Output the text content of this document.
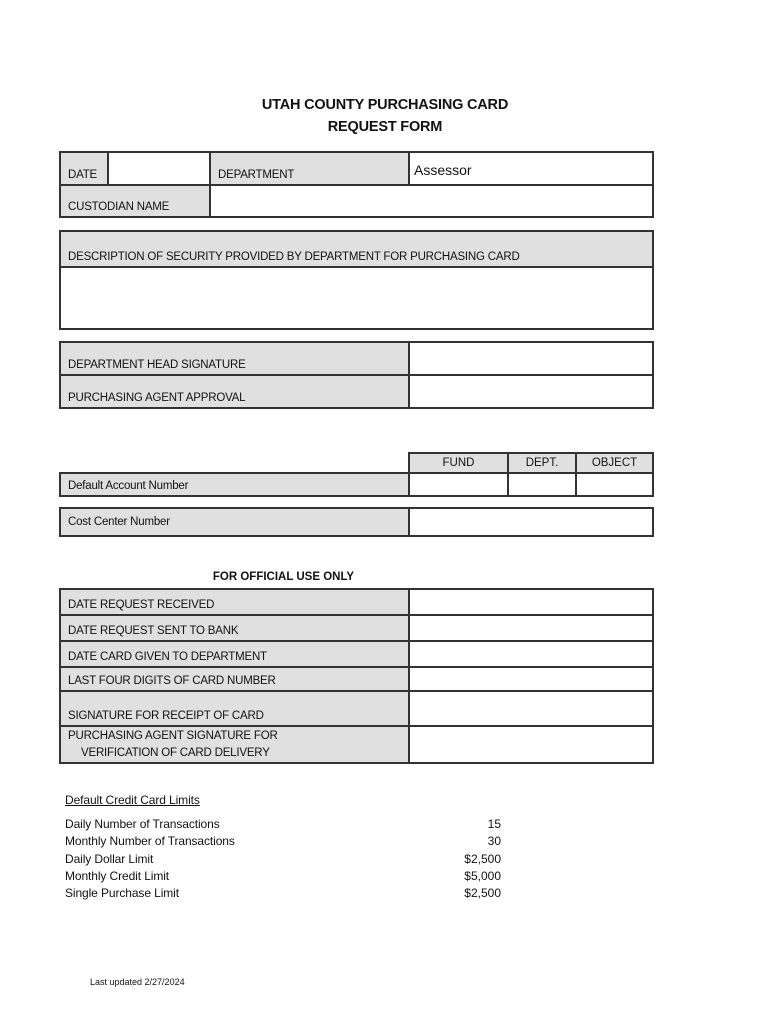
UTAH COUNTY PURCHASING CARD
REQUEST FORM
DATE	DEPARTMENT	Assessor
CUSTODIAN NAME
DESCRIPTION OF SECURITY PROVIDED BY DEPARTMENT FOR PURCHASING CARD
DEPARTMENT HEAD SIGNATURE
PURCHASING AGENT APPROVAL
FUND	DEPT.	OBJECT
Default Account Number
Cost Center Number
FOR OFFICIAL USE ONLY
DATE REQUEST RECEIVED
DATE REQUEST SENT TO BANK
DATE CARD GIVEN TO DEPARTMENT
LAST FOUR DIGITS OF CARD NUMBER
SIGNATURE FOR RECEIPT OF CARD
PURCHASING AGENT SIGNATURE FOR
VERIFICATION OF CARD DELIVERY
Default Credit Card Limits
Daily Number of Transactions	15
Monthly Number of Transactions	30
Daily Dollar Limit	$2,500
Monthly Credit Limit	$5,000
Single Purchase Limit	$2,500
Last updated 2/27/2024
